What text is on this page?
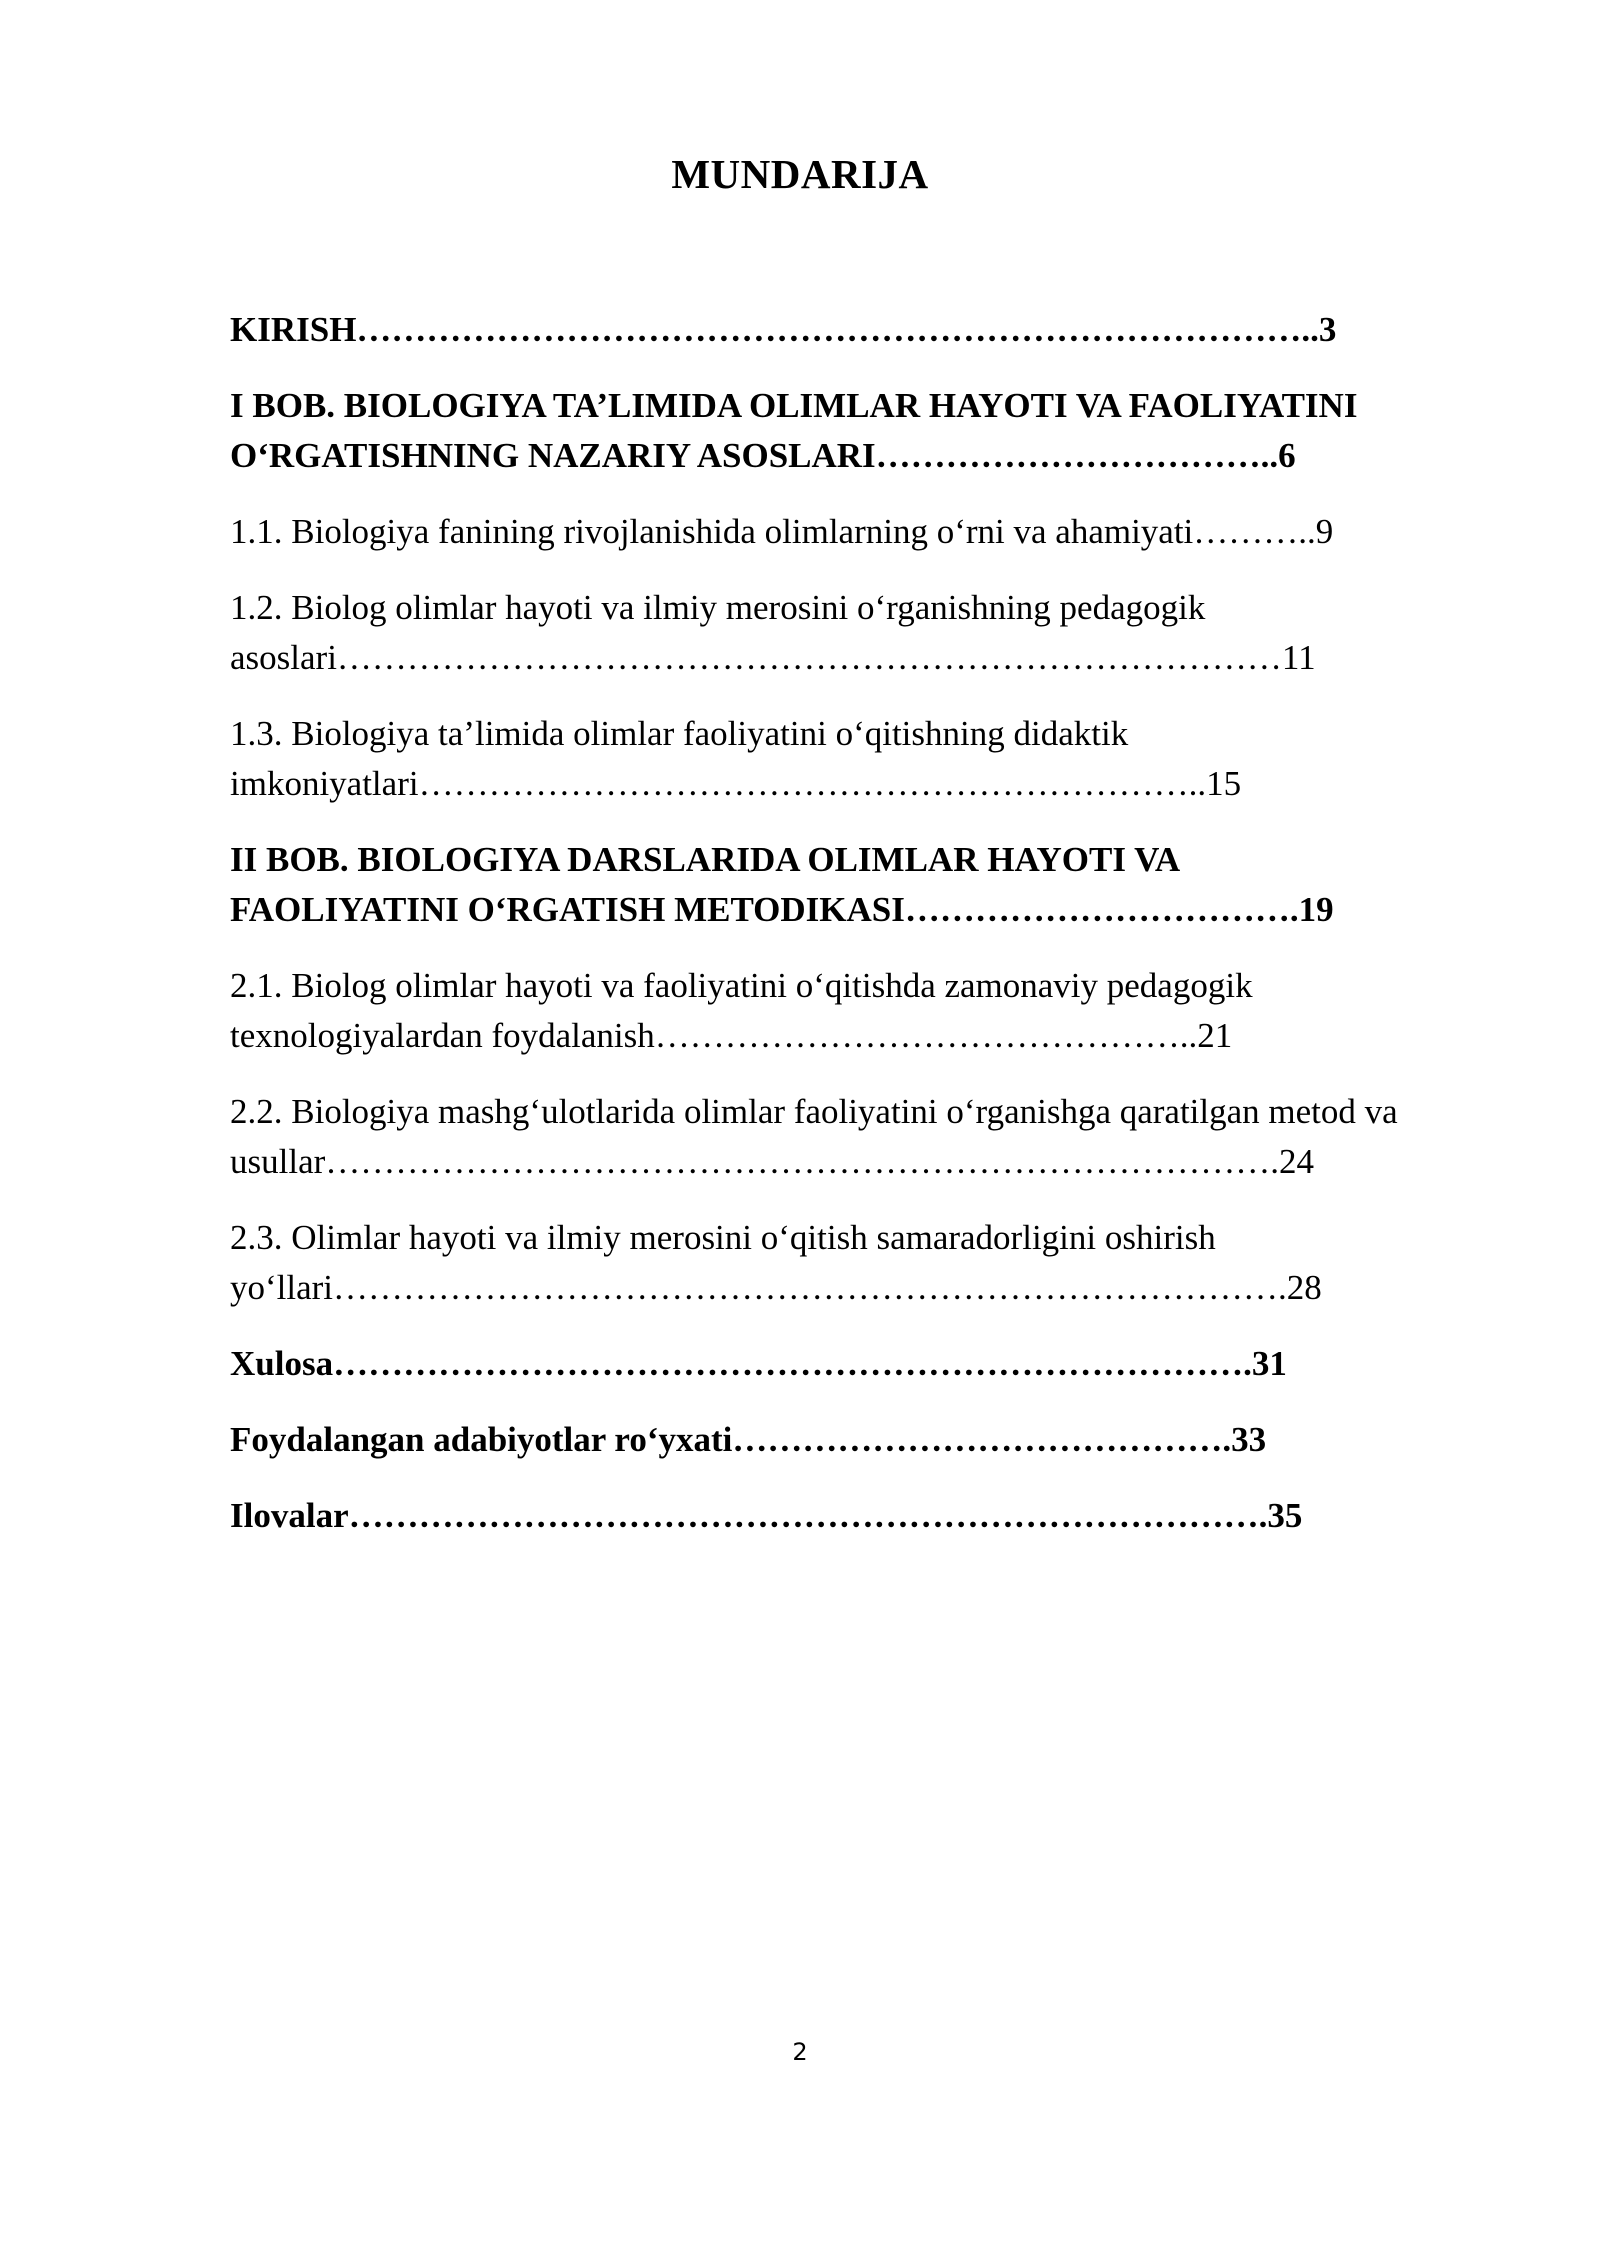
MUNDARIJA
KIRISH………………………………………………………………………..3
I BOB. BIOLOGIYA TA’LIMIDA OLIMLAR HAYOTI VA FAOLIYATINI
O‘RGATISHNING NAZARIY ASOSLARI……………………………..6
1.1. Biologiya fanining rivojlanishida olimlarning o‘rni va ahamiyati………..9
1.2. Biolog olimlar hayoti va ilmiy merosini o‘rganishning pedagogik
asoslari………………………………………………………………………11
1.3. Biologiya ta’limida olimlar faoliyatini o‘qitishning didaktik
imkoniyatlari…………………………………………………………..15
II BOB. BIOLOGIYA DARSLARIDA OLIMLAR HAYOTI VA
FAOLIYATINI O‘RGATISH METODIKASI…………………………….19
2.1. Biolog olimlar hayoti va faoliyatini o‘qitishda zamonaviy pedagogik
texnologiyalardan foydalanish………………………………………..21
2.2. Biologiya mashg‘ulotlarida olimlar faoliyatini o‘rganishga qaratilgan metod va
usullar……………………………………………………………………….24
2.3. Olimlar hayoti va ilmiy merosini o‘qitish samaradorligini oshirish
yo‘llari……………………………………………………………………….28
Xulosa…………………………………………………………………….31
Foydalangan adabiyotlar ro‘yxati…………………………………….33
Ilovalar…………………………………………………………………….35
2
